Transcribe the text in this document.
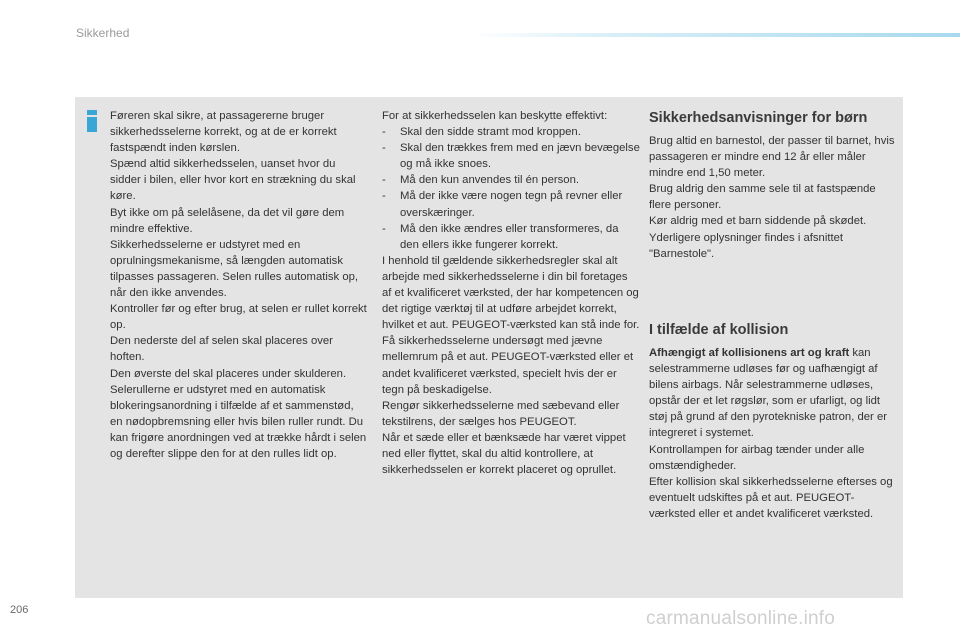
Sikkerhed

Føreren skal sikre, at passagererne bruger sikkerhedsselerne korrekt, og at de er korrekt fastspændt inden kørslen.

Spænd altid sikkerhedsselen, uanset hvor du sidder i bilen, eller hvor kort en strækning du skal køre.

Byt ikke om på selelåsene, da det vil gøre dem mindre effektive.

Sikkerhedsselerne er udstyret med en oprulningsmekanisme, så længden automatisk tilpasses passageren. Selen rulles automatisk op, når den ikke anvendes.

Kontroller før og efter brug, at selen er rullet korrekt op.

Den nederste del af selen skal placeres over hoften.

Den øverste del skal placeres under skulderen.

Selerullerne er udstyret med en automatisk blokeringsanordning i tilfælde af et sammenstød, en nødopbremsning eller hvis bilen ruller rundt. Du kan frigøre anordningen ved at trække hårdt i selen og derefter slippe den for at den rulles lidt op.

For at sikkerhedsselen kan beskytte effektivt:

-	Skal den sidde stramt mod kroppen.
-	Skal den trækkes frem med en jævn bevægelse og må ikke snoes.
-	Må den kun anvendes til én person.
-	Må der ikke være nogen tegn på revner eller overskæringer.
-	Må den ikke ændres eller transformeres, da den ellers ikke fungerer korrekt.

I henhold til gældende sikkerhedsregler skal alt arbejde med sikkerhedsselerne i din bil foretages af et kvalificeret værksted, der har kompetencen og det rigtige værktøj til at udføre arbejdet korrekt, hvilket et aut. PEUGEOT-værksted kan stå inde for.

Få sikkerhedsselerne undersøgt med jævne mellemrum på et aut. PEUGEOT-værksted eller et andet kvalificeret værksted, specielt hvis der er tegn på beskadigelse.

Rengør sikkerhedsselerne med sæbevand eller tekstilrens, der sælges hos PEUGEOT.

Når et sæde eller et bænksæde har været vippet ned eller flyttet, skal du altid kontrollere, at sikkerhedsselen er korrekt placeret og oprullet.

Sikkerhedsanvisninger for børn

Brug altid en barnestol, der passer til barnet, hvis passageren er mindre end 12 år eller måler mindre end 1,50 meter.

Brug aldrig den samme sele til at fastspænde flere personer.

Kør aldrig med et barn siddende på skødet.

Yderligere oplysninger findes i afsnittet "Barnestole".

I tilfælde af kollision

Afhængigt af kollisionens art og kraft kan selestrammerne udløses før og uafhængigt af bilens airbags. Når selestrammerne udløses, opstår der et let røgslør, som er ufarligt, og lidt støj på grund af den pyrotekniske patron, der er integreret i systemet.

Kontrollampen for airbag tænder under alle omstændigheder.

Efter kollision skal sikkerhedsselerne efterses og eventuelt udskiftes på et aut. PEUGEOT-værksted eller et andet kvalificeret værksted.

206	carmanualsonline.info
